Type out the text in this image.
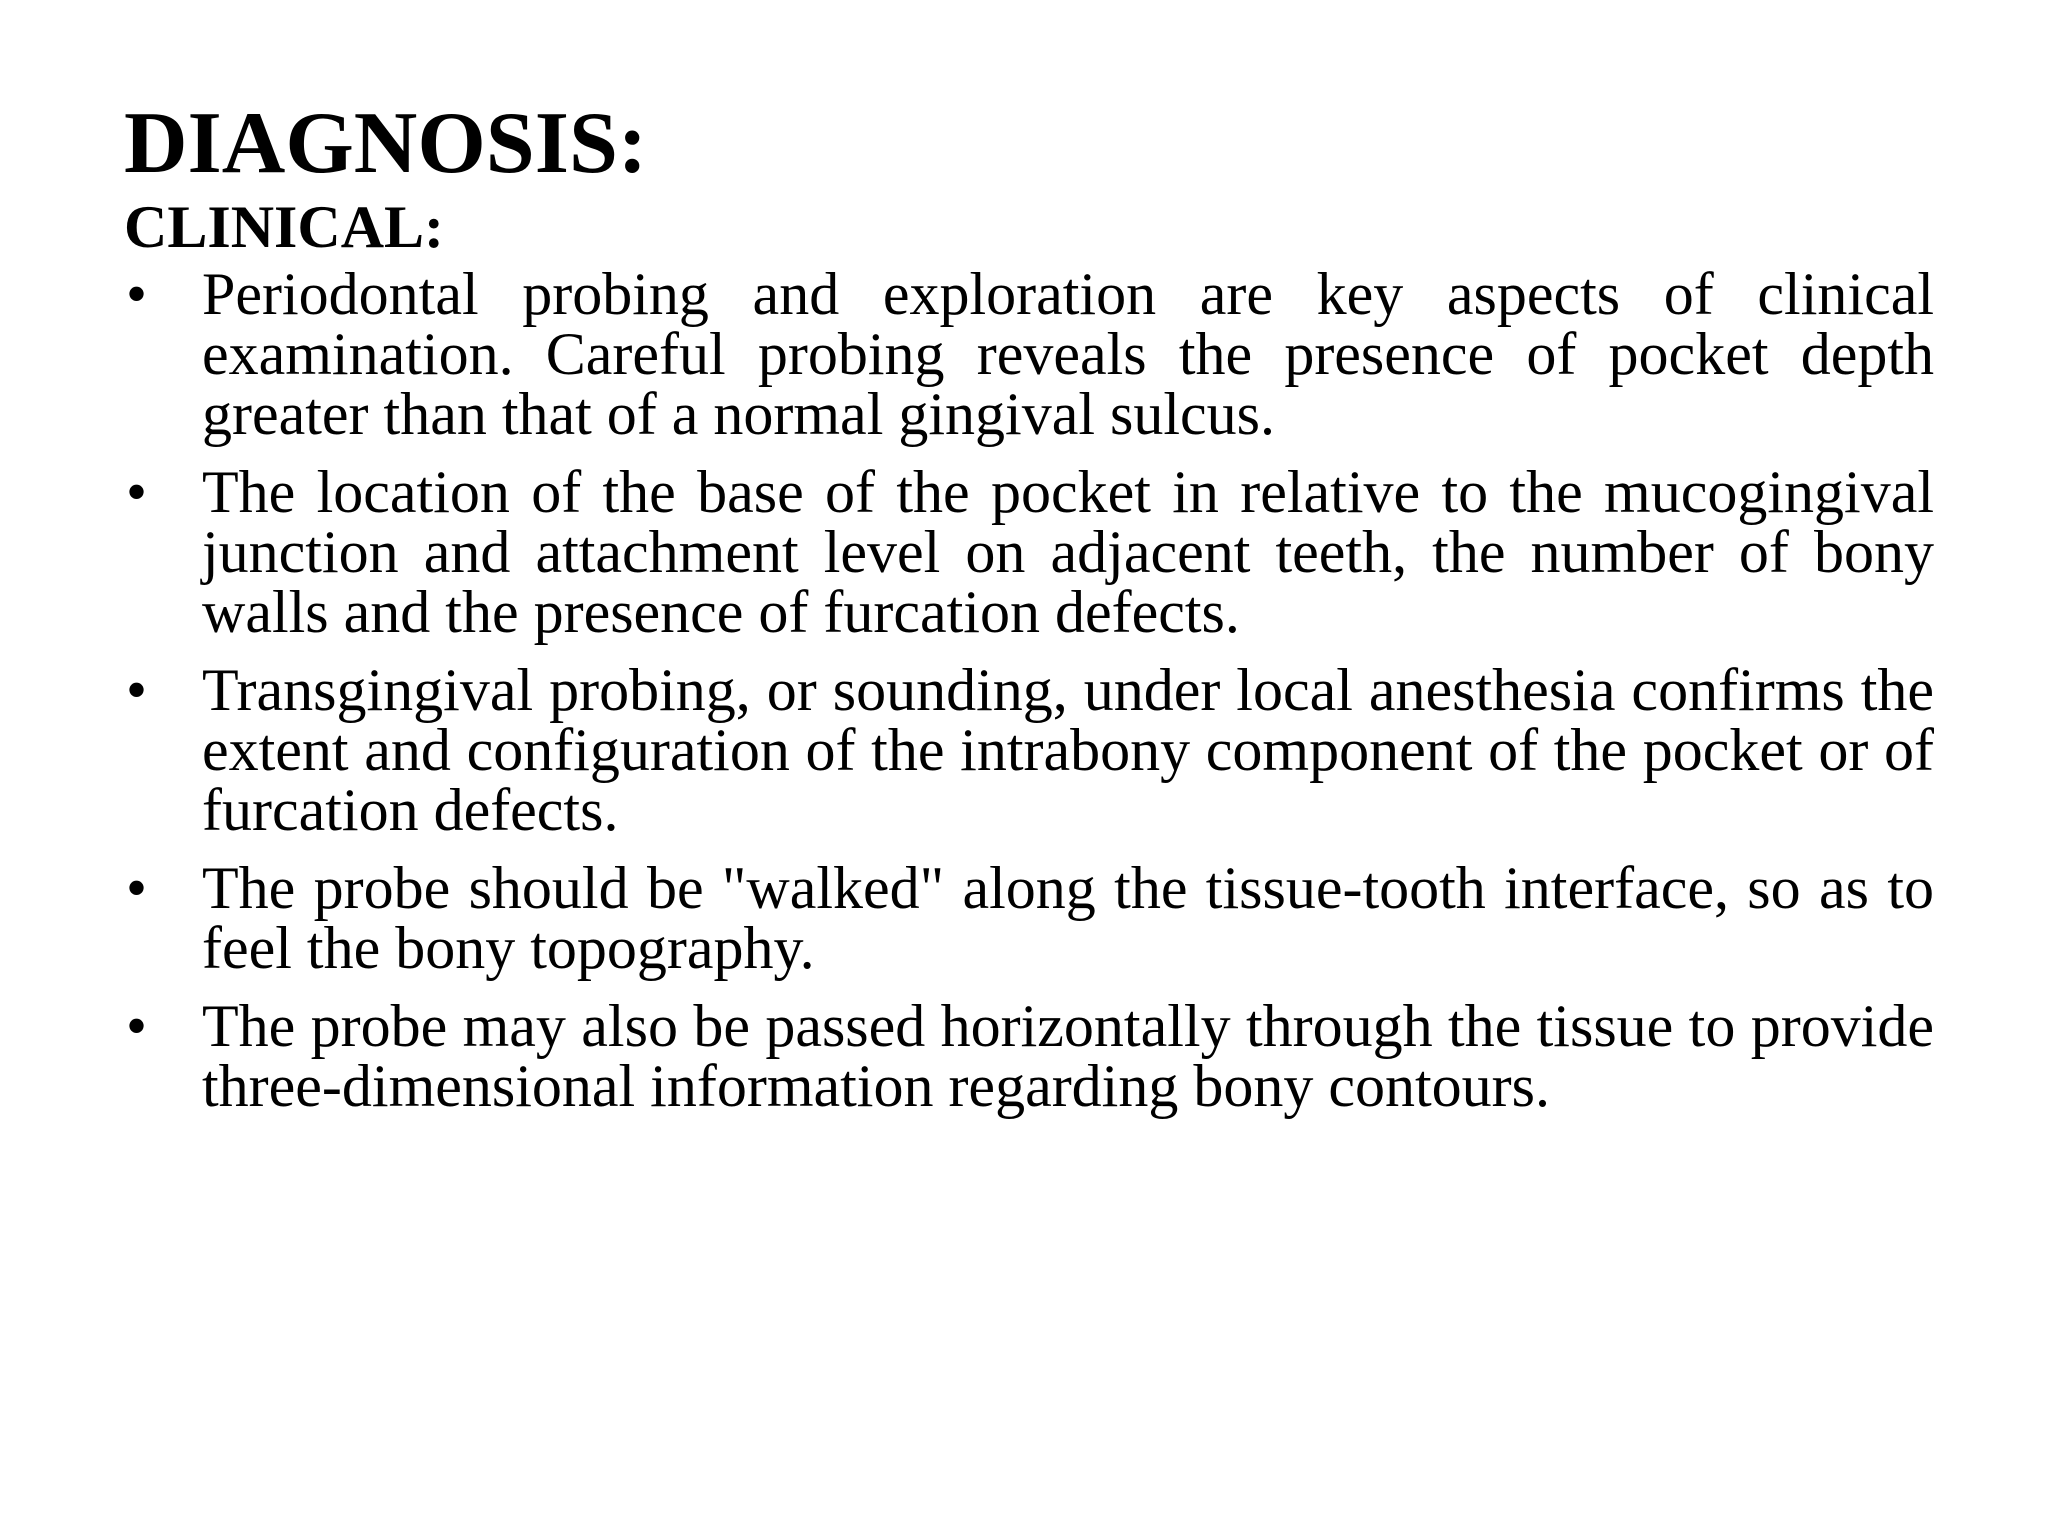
DIAGNOSIS:
CLINICAL:
• Periodontal probing and exploration are key aspects of clinical examination. Careful probing reveals the presence of pocket depth greater than that of a normal gingival sulcus.
• The location of the base of the pocket in relative to the mucogingival junction and attachment level on adjacent teeth, the number of bony walls and the presence of furcation defects.
• Transgingival probing, or sounding, under local anesthesia confirms the extent and configuration of the intrabony component of the pocket or of furcation defects.
• The probe should be "walked" along the tissue-tooth interface, so as to feel the bony topography.
• The probe may also be passed horizontally through the tissue to provide three-dimensional information regarding bony contours.
